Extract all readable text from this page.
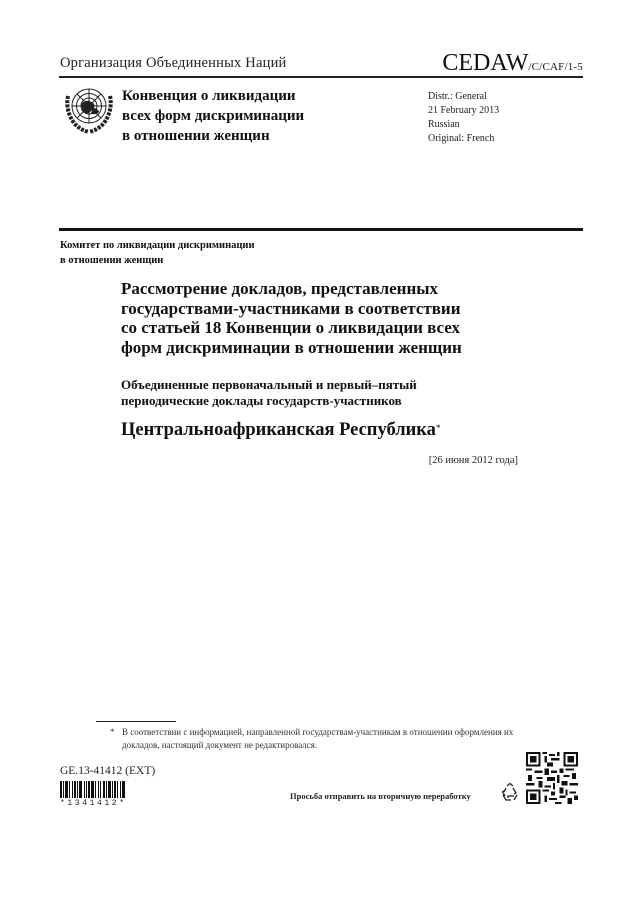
Организация Объединенных Наций	CEDAW/C/CAF/1-5
Конвенция о ликвидации
всех форм дискриминации
в отношении женщин
Distr.: General
21 February 2013
Russian
Original: French
Комитет по ликвидации дискриминации
в отношении женщин
Рассмотрение докладов, представленных
государствами-участниками в соответствии
со статьей 18 Конвенции о ликвидации всех
форм дискриминации в отношении женщин
Объединенные первоначальный и первый–пятый
периодические доклады государств-участников
Центральноафриканская Республика*
[26 июня 2012 года]
* В соответствии с информацией, направленной государствам-участникам в отношении оформления их докладов, настоящий документ не редактировался.
GE.13-41412 (EXT)
*1341412*
Просьба отправить на вторичную переработку
